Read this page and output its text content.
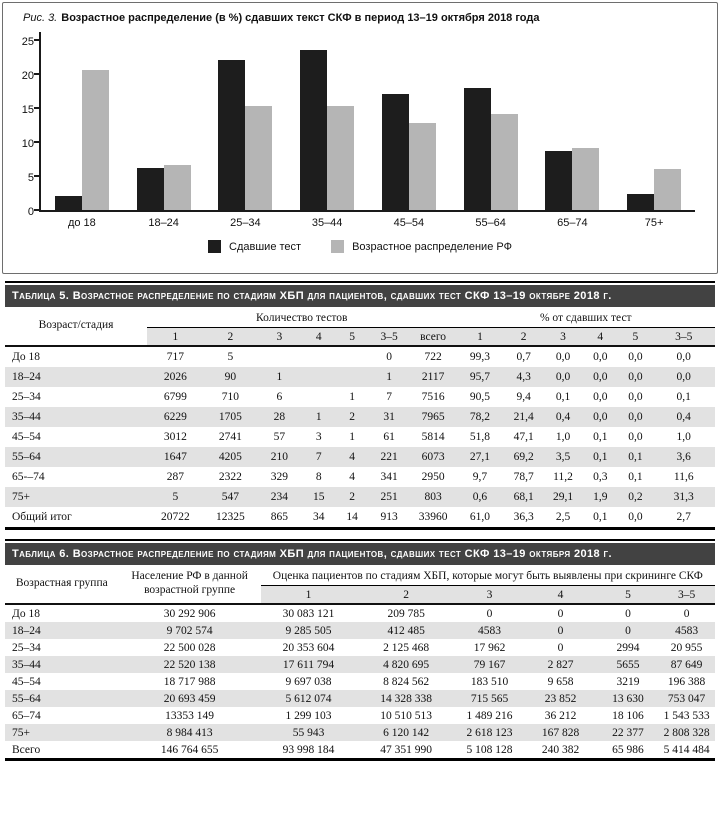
Рис. 3. Возрастное распределение (в %) сдавших текст СКФ в период 13–19 октября 2018 года
0
5
10
15
20
25
до 18	18–24	25–34	35–44	45–54	55–64	65–74	75+
Сдавшие тест	Возрастное распределение РФ
Таблица 5. Возрастное распределение по стадиям ХБП для пациентов, сдавших тест СКФ 13–19 октябре 2018 г.
Возраст/стадия	Количество тестов							% от сдавших тест					
	1	2	3	4	5	3–5	всего	1	2	3	4	5	3–5
До 18	717	5				0	722	99,3	0,7	0,0	0,0	0,0	0,0
18–24	2026	90	1			1	2117	95,7	4,3	0,0	0,0	0,0	0,0
25–34	6799	710	6		1	7	7516	90,5	9,4	0,1	0,0	0,0	0,1
35–44	6229	1705	28	1	2	31	7965	78,2	21,4	0,4	0,0	0,0	0,4
45–54	3012	2741	57	3	1	61	5814	51,8	47,1	1,0	0,1	0,0	1,0
55–64	1647	4205	210	7	4	221	6073	27,1	69,2	3,5	0,1	0,1	3,6
65-–74	287	2322	329	8	4	341	2950	9,7	78,7	11,2	0,3	0,1	11,6
75+	5	547	234	15	2	251	803	0,6	68,1	29,1	1,9	0,2	31,3
Общий итог	20722	12325	865	34	14	913	33960	61,0	36,3	2,5	0,1	0,0	2,7
Таблица 6. Возрастное распределение по стадиям ХБП для пациентов, сдавших тест СКФ 13–19 октября 2018 г.
Возрастная группа	Население РФ в данной возрастной группе	Оценка пациентов по стадиям ХБП, которые могут быть выявлены при скрининге СКФ					
		1	2	3	4	5	3–5
До 18	30 292 906	30 083 121	209 785	0	0	0	0
18–24	9 702 574	9 285 505	412 485	4583	0	0	4583
25–34	22 500 028	20 353 604	2 125 468	17 962	0	2994	20 955
35–44	22 520 138	17 611 794	4 820 695	79 167	2 827	5655	87 649
45–54	18 717 988	9 697 038	8 824 562	183 510	9 658	3219	196 388
55–64	20 693 459	5 612 074	14 328 338	715 565	23 852	13 630	753 047
65–74	13353 149	1 299 103	10 510 513	1 489 216	36 212	18 106	1 543 533
75+	8 984 413	55 943	6 120 142	2 618 123	167 828	22 377	2 808 328
Всего	146 764 655	93 998 184	47 351 990	5 108 128	240 382	65 986	5 414 484
